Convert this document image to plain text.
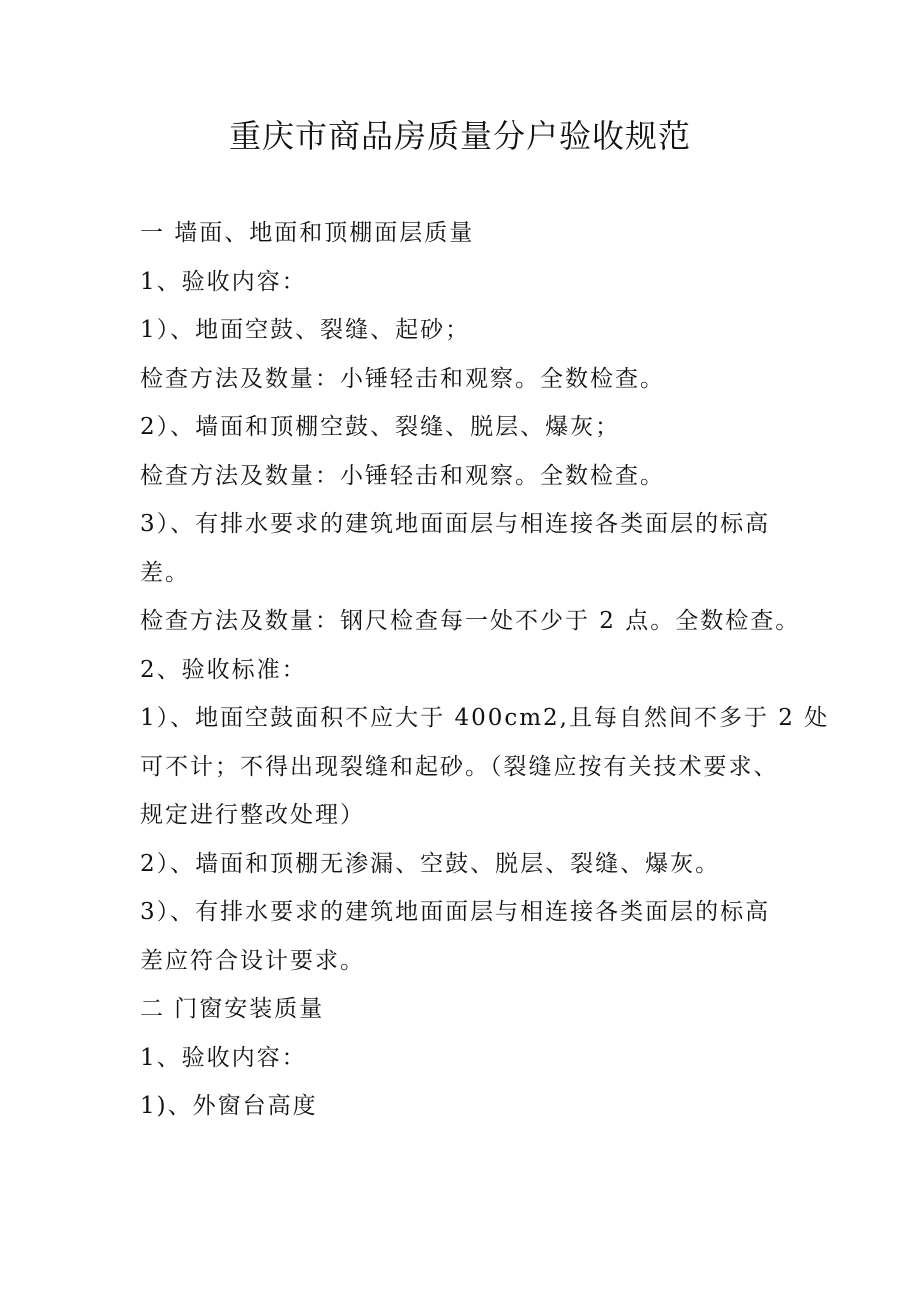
重庆市商品房质量分户验收规范
一 墙面、地面和顶棚面层质量
1、验收内容：
1）、地面空鼓、裂缝、起砂；
检查方法及数量：小锤轻击和观察。全数检查。
2）、墙面和顶棚空鼓、裂缝、脱层、爆灰；
检查方法及数量：小锤轻击和观察。全数检查。
3）、有排水要求的建筑地面面层与相连接各类面层的标高
差。
检查方法及数量：钢尺检查每一处不少于 2 点。全数检查。
2、验收标准：
1）、地面空鼓面积不应大于 400cm2,且每自然间不多于 2 处
可不计；不得出现裂缝和起砂。（裂缝应按有关技术要求、
规定进行整改处理）
2）、墙面和顶棚无渗漏、空鼓、脱层、裂缝、爆灰。
3）、有排水要求的建筑地面面层与相连接各类面层的标高
差应符合设计要求。
二 门窗安装质量
1、验收内容：
1)、外窗台高度
